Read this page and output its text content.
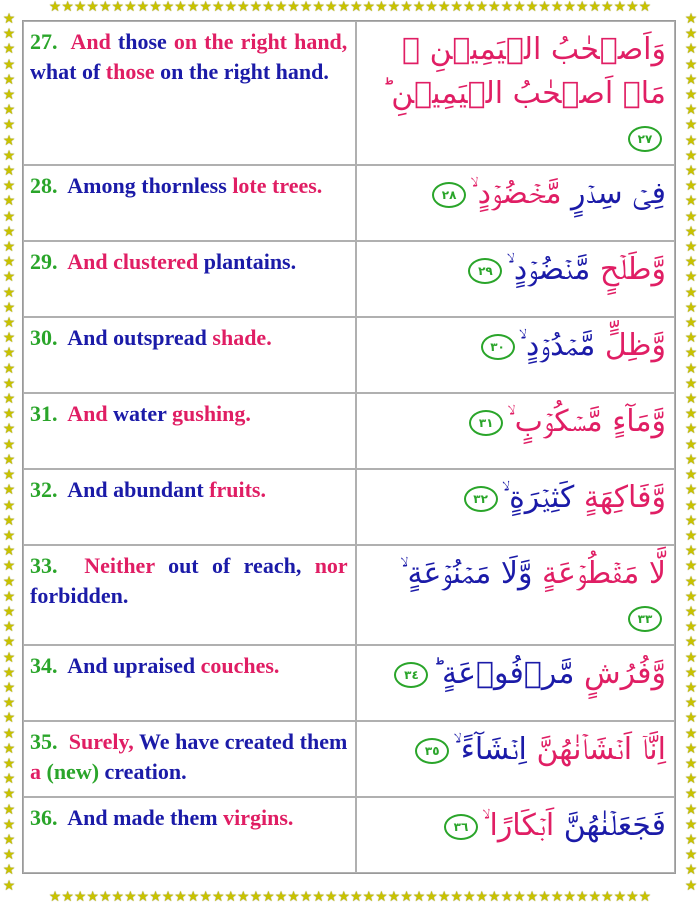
★★★★★★★★★★★★★★★★★★★★★★★★★★★★★★★★★★★★★★★★★★★★★★★★
★★★★★★★★★★★★★★★★★★★★★★★★★★★★★★★★★★★★★★★★★★★★★★★★
★
★
★
★
★
★
★
★
★
★
★
★
★
★
★
★
★
★
★
★
★
★
★
★
★
★
★
★
★
★
★
★
★
★
★
★
★
★
★
★
★
★
★
★
★
★
★
★
★
★
★
★
★
★
★
★
★
★
★
★
★
★
★
★
★
★
★
★
★
★
★
★
★
★
★
★
★
★
★
★
★
★
★
★
★
★
★
★
★
★
★
★
★
★
★
★
★
★
★
★
★
★
★
★
★
★
★
★
★
★
★
★
★
★
★
★
27. And those on the right hand, what of those on the right hand.	وَاَصۡحٰبُ الۡيَمِيۡنِ ۙ مَاۤ اَصۡحٰبُ الۡيَمِيۡنِ ؕ٢٧
28. Among thornless lote trees.	فِىۡ سِدۡرٍ مَّخۡضُوۡدٍ ۙ٢٨
29. And clustered plantains.	وَّطَلۡحٍ مَّنۡضُوۡدٍ ۙ٢٩
30. And outspread shade.	وَّظِلٍّ مَّمۡدُوۡدٍ ۙ٣٠
31. And water gushing.	وَّمَآءٍ مَّسۡكُوۡبٍ ۙ٣١
32. And abundant fruits.	وَّفَاكِهَةٍ كَثِيۡرَةٍ ۙ٣٢
33. Neither out of reach, nor forbidden.	لَّا مَقۡطُوۡعَةٍ وَّلَا مَمۡنُوۡعَةٍ ۙ٣٣
34. And upraised couches.	وَّفُرُشٍ مَّرۡفُوۡعَةٍ ؕ٣٤
35. Surely, We have created them a (new) creation.	اِنَّاۤ اَنۡشَاۡنٰهُنَّ اِنۡشَآءً ۙ٣٥
36. And made them virgins.	فَجَعَلۡنٰهُنَّ اَبۡكَارًا ۙ٣٦
